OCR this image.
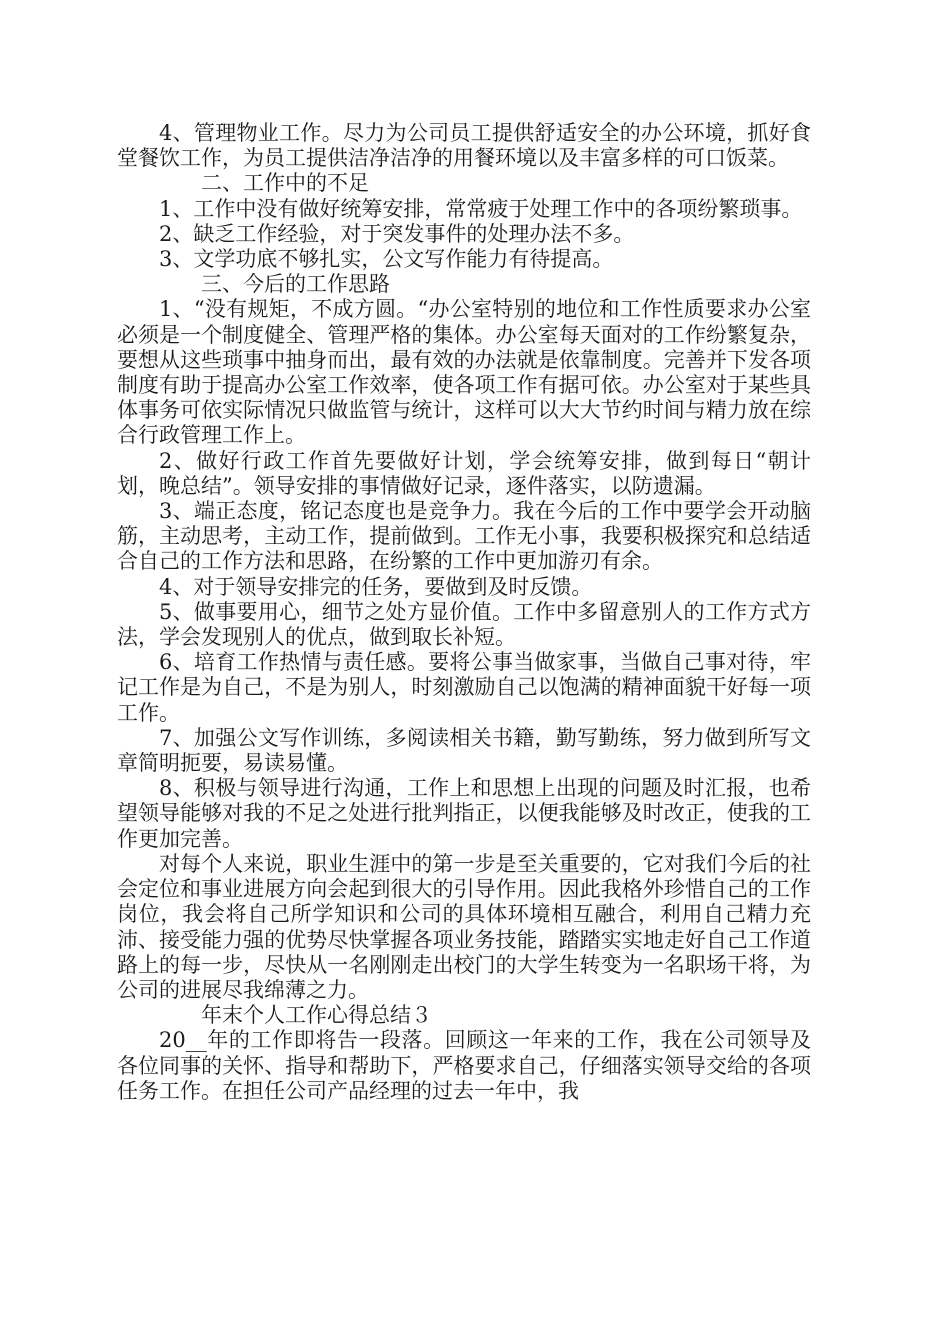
4、管理物业工作。尽力为公司员工提供舒适安全的办公环境，抓好食堂餐饮工作，为员工提供洁净洁净的用餐环境以及丰富多样的可口饭菜。

二、工作中的不足

1、工作中没有做好统筹安排，常常疲于处理工作中的各项纷繁琐事。

2、缺乏工作经验，对于突发事件的处理办法不多。

3、文学功底不够扎实，公文写作能力有待提高。

三、今后的工作思路

1、“没有规矩，不成方圆。“办公室特别的地位和工作性质要求办公室必须是一个制度健全、管理严格的集体。办公室每天面对的工作纷繁复杂，要想从这些琐事中抽身而出，最有效的办法就是依靠制度。完善并下发各项制度有助于提高办公室工作效率，使各项工作有据可依。办公室对于某些具体事务可依实际情况只做监管与统计，这样可以大大节约时间与精力放在综合行政管理工作上。

2、做好行政工作首先要做好计划，学会统筹安排，做到每日“朝计划，晚总结”。领导安排的事情做好记录，逐件落实，以防遗漏。

3、端正态度，铭记态度也是竞争力。我在今后的工作中要学会开动脑筋，主动思考，主动工作，提前做到。工作无小事，我要积极探究和总结适合自己的工作方法和思路，在纷繁的工作中更加游刃有余。

4、对于领导安排完的任务，要做到及时反馈。

5、做事要用心，细节之处方显价值。工作中多留意别人的工作方式方法，学会发现别人的优点，做到取长补短。

6、培育工作热情与责任感。要将公事当做家事，当做自己事对待，牢记工作是为自己，不是为别人，时刻激励自己以饱满的精神面貌干好每一项工作。

7、加强公文写作训练，多阅读相关书籍，勤写勤练，努力做到所写文章简明扼要，易读易懂。

8、积极与领导进行沟通，工作上和思想上出现的问题及时汇报，也希望领导能够对我的不足之处进行批判指正，以便我能够及时改正，使我的工作更加完善。

对每个人来说，职业生涯中的第一步是至关重要的，它对我们今后的社会定位和事业进展方向会起到很大的引导作用。因此我格外珍惜自己的工作岗位，我会将自己所学知识和公司的具体环境相互融合，利用自己精力充沛、接受能力强的优势尽快掌握各项业务技能，踏踏实实地走好自己工作道路上的每一步，尽快从一名刚刚走出校门的大学生转变为一名职场干将，为公司的进展尽我绵薄之力。

年末个人工作心得总结３

20__年的工作即将告一段落。回顾这一年来的工作，我在公司领导及各位同事的关怀、指导和帮助下，严格要求自己，仔细落实领导交给的各项任务工作。在担任公司产品经理的过去一年中，我
